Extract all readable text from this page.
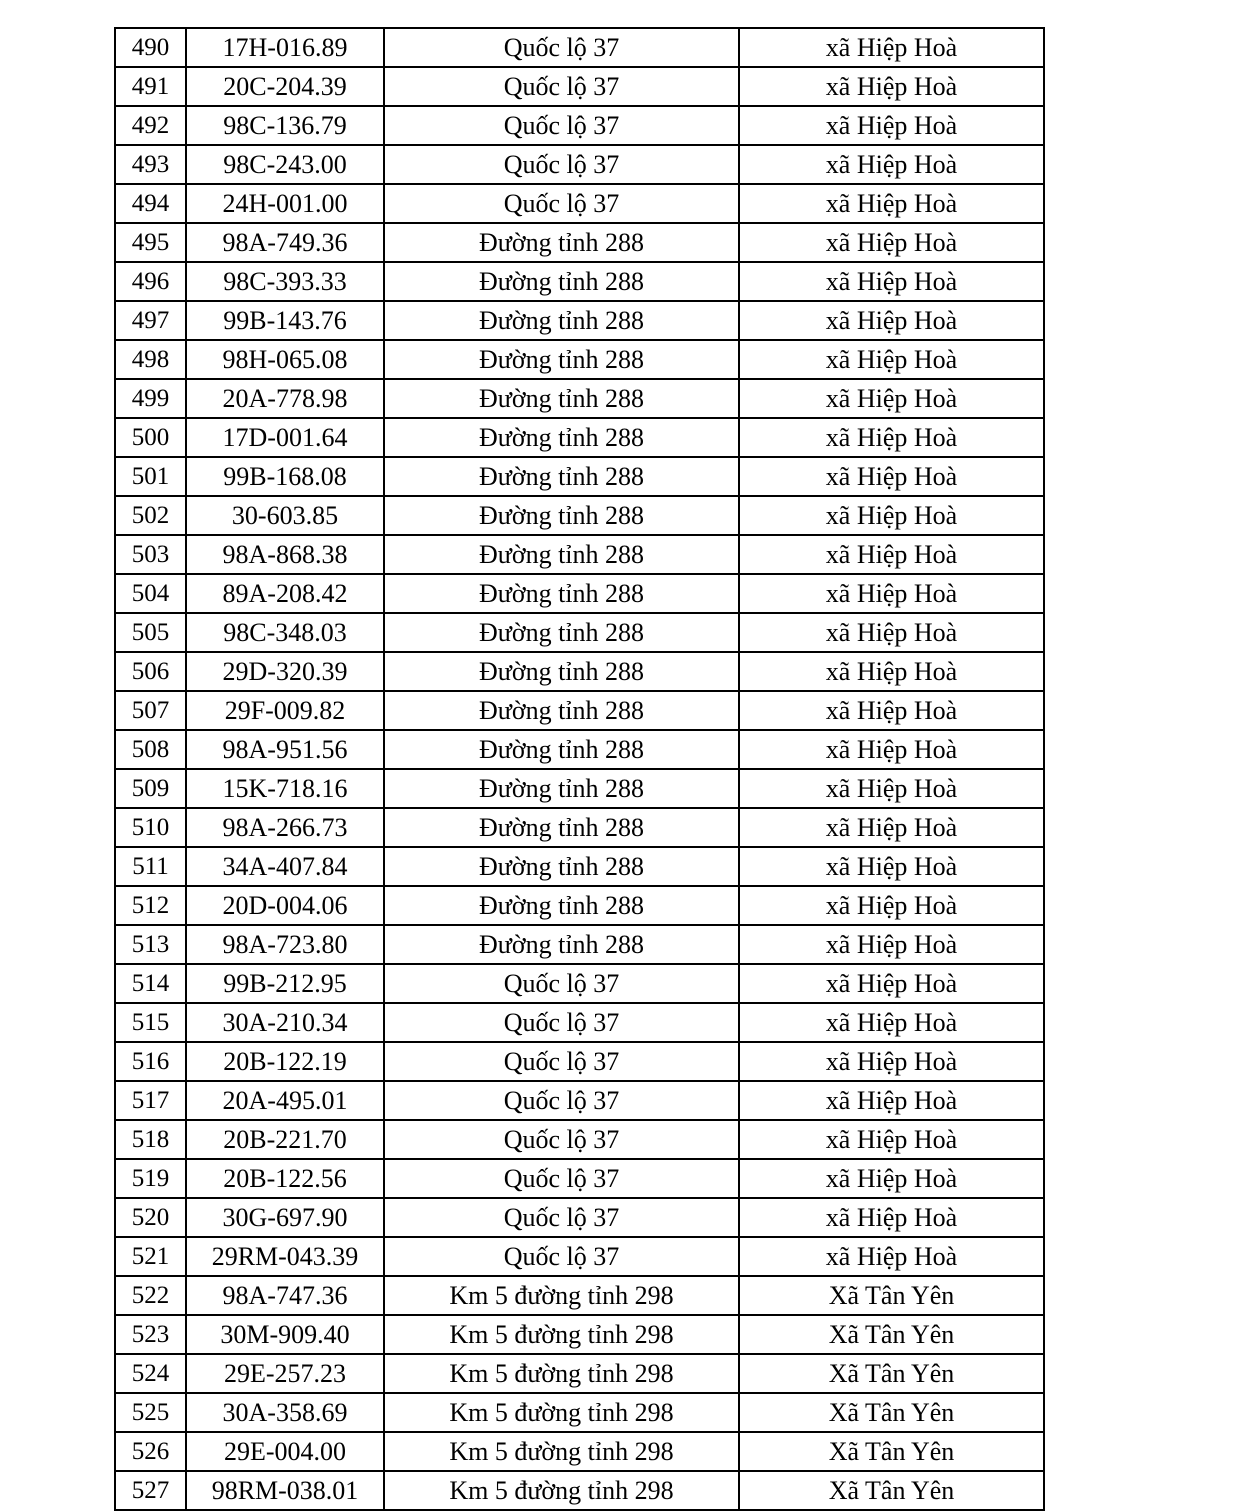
490	17H-016.89	Quốc lộ 37	xã Hiệp Hoà
491	20C-204.39	Quốc lộ 37	xã Hiệp Hoà
492	98C-136.79	Quốc lộ 37	xã Hiệp Hoà
493	98C-243.00	Quốc lộ 37	xã Hiệp Hoà
494	24H-001.00	Quốc lộ 37	xã Hiệp Hoà
495	98A-749.36	Đường tỉnh 288	xã Hiệp Hoà
496	98C-393.33	Đường tỉnh 288	xã Hiệp Hoà
497	99B-143.76	Đường tỉnh 288	xã Hiệp Hoà
498	98H-065.08	Đường tỉnh 288	xã Hiệp Hoà
499	20A-778.98	Đường tỉnh 288	xã Hiệp Hoà
500	17D-001.64	Đường tỉnh 288	xã Hiệp Hoà
501	99B-168.08	Đường tỉnh 288	xã Hiệp Hoà
502	30-603.85	Đường tỉnh 288	xã Hiệp Hoà
503	98A-868.38	Đường tỉnh 288	xã Hiệp Hoà
504	89A-208.42	Đường tỉnh 288	xã Hiệp Hoà
505	98C-348.03	Đường tỉnh 288	xã Hiệp Hoà
506	29D-320.39	Đường tỉnh 288	xã Hiệp Hoà
507	29F-009.82	Đường tỉnh 288	xã Hiệp Hoà
508	98A-951.56	Đường tỉnh 288	xã Hiệp Hoà
509	15K-718.16	Đường tỉnh 288	xã Hiệp Hoà
510	98A-266.73	Đường tỉnh 288	xã Hiệp Hoà
511	34A-407.84	Đường tỉnh 288	xã Hiệp Hoà
512	20D-004.06	Đường tỉnh 288	xã Hiệp Hoà
513	98A-723.80	Đường tỉnh 288	xã Hiệp Hoà
514	99B-212.95	Quốc lộ 37	xã Hiệp Hoà
515	30A-210.34	Quốc lộ 37	xã Hiệp Hoà
516	20B-122.19	Quốc lộ 37	xã Hiệp Hoà
517	20A-495.01	Quốc lộ 37	xã Hiệp Hoà
518	20B-221.70	Quốc lộ 37	xã Hiệp Hoà
519	20B-122.56	Quốc lộ 37	xã Hiệp Hoà
520	30G-697.90	Quốc lộ 37	xã Hiệp Hoà
521	29RM-043.39	Quốc lộ 37	xã Hiệp Hoà
522	98A-747.36	Km 5 đường tỉnh 298	Xã Tân Yên
523	30M-909.40	Km 5 đường tỉnh 298	Xã Tân Yên
524	29E-257.23	Km 5 đường tỉnh 298	Xã Tân Yên
525	30A-358.69	Km 5 đường tỉnh 298	Xã Tân Yên
526	29E-004.00	Km 5 đường tỉnh 298	Xã Tân Yên
527	98RM-038.01	Km 5 đường tỉnh 298	Xã Tân Yên
